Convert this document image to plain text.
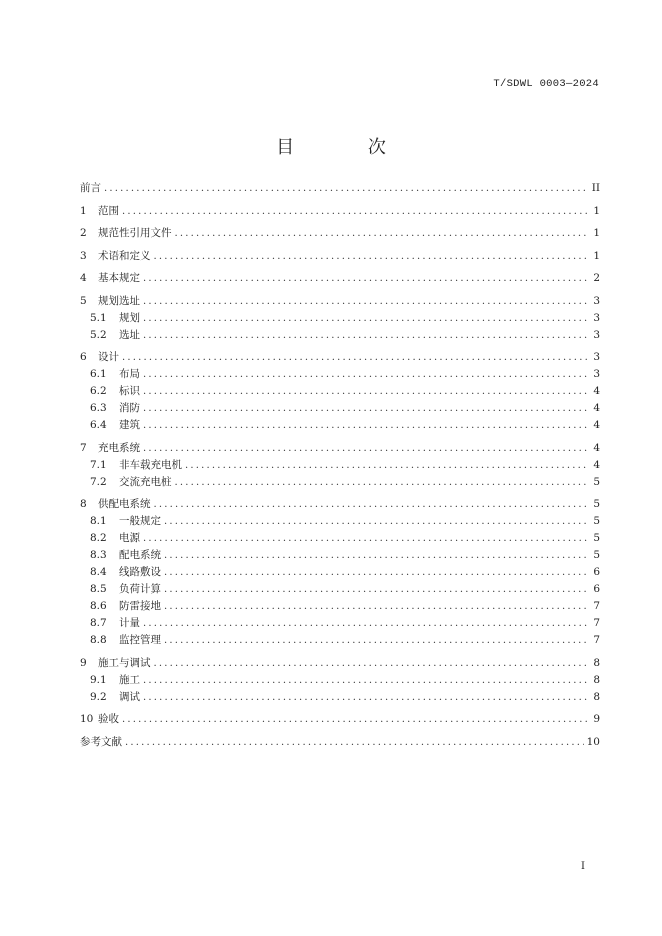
T/SDWL 0003—2024
目 次
前言 .....	II
1	范围 .....	1
2	规范性引用文件 .....	1
3	术语和定义 .....	1
4	基本规定 .....	2
5	规划选址 .....	3
5.1	规划 .....	3
5.2	选址 .....	3
6	设计 .....	3
6.1	布局 .....	3
6.2	标识 .....	4
6.3	消防 .....	4
6.4	建筑 .....	4
7	充电系统 .....	4
7.1	非车载充电机 .....	4
7.2	交流充电桩 .....	5
8	供配电系统 .....	5
8.1	一般规定 .....	5
8.2	电源 .....	5
8.3	配电系统 .....	5
8.4	线路敷设 .....	6
8.5	负荷计算 .....	6
8.6	防雷接地 .....	7
8.7	计量 .....	7
8.8	监控管理 .....	7
9	施工与调试 .....	8
9.1	施工 .....	8
9.2	调试 .....	8
10 验收 .....	9
参考文献 .....	10
I
